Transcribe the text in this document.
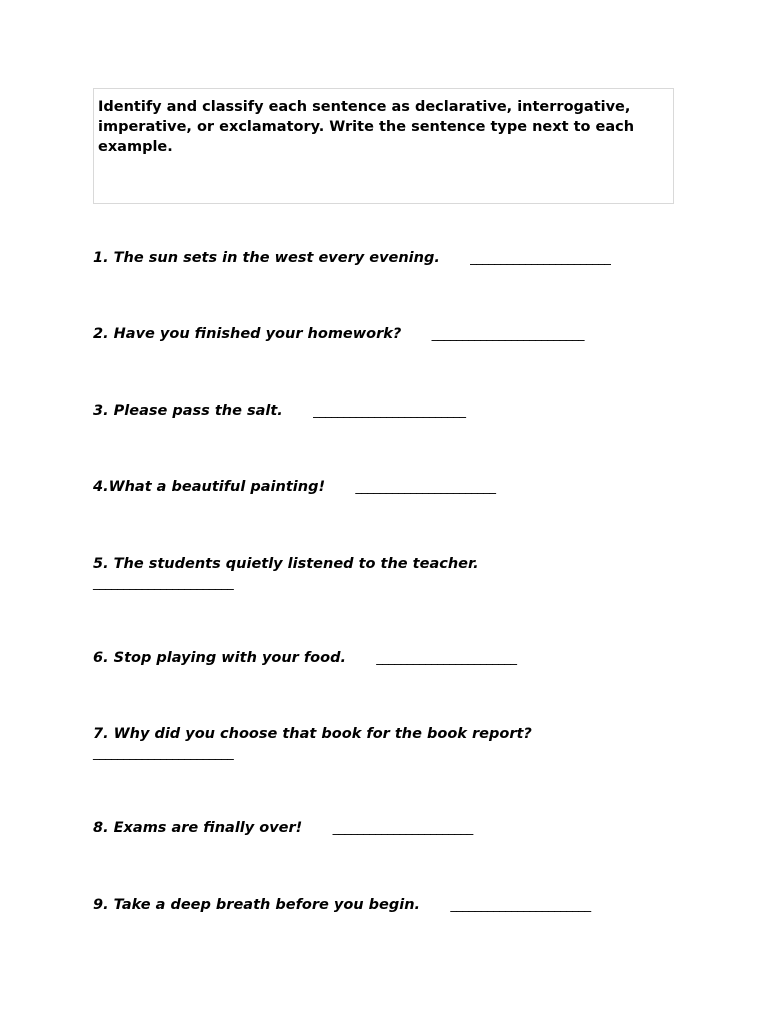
Identify and classify each sentence as declarative, interrogative, imperative, or exclamatory. Write the sentence type next to each example.

1. The sun sets in the west every evening. _______________________
2. Have you finished your homework? _________________________
3. Please pass the salt. _________________________
4.What a beautiful painting! _______________________
5. The students quietly listened to the teacher.
_______________________
6. Stop playing with your food. _______________________
7. Why did you choose that book for the book report?
_______________________
8. Exams are finally over! _______________________
9. Take a deep breath before you begin. _______________________
